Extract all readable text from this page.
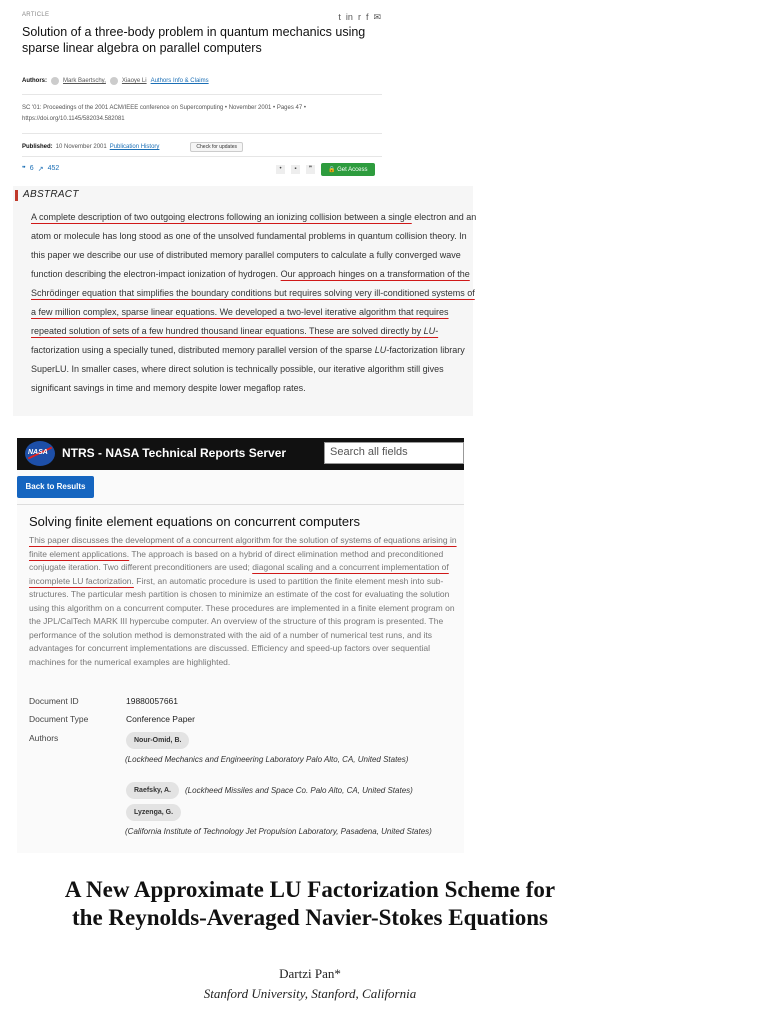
ARTICLE	t in r f ✉
Solution of a three-body problem in quantum mechanics using sparse linear algebra on parallel computers
Authors:	Mark Baertschy,	Xiaoye Li Authors Info & Claims
SC '01: Proceedings of the 2001 ACM/IEEE conference on Supercomputing • November 2001 • Pages 47 • https://doi.org/10.1145/582034.582081
Published: 10 November 2001 Publication History	Check for updates
❞ 6 ↗ 452	•	▪	❞	🔒 Get Access
ABSTRACT
A complete description of two outgoing electrons following an ionizing collision between a single electron and an atom or molecule has long stood as one of the unsolved fundamental problems in quantum collision theory. In this paper we describe our use of distributed memory parallel computers to calculate a fully converged wave function describing the electron-impact ionization of hydrogen. Our approach hinges on a transformation of the Schrödinger equation that simplifies the boundary conditions but requires solving very ill-conditioned systems of a few million complex, sparse linear equations. We developed a two-level iterative algorithm that requires repeated solution of sets of a few hundred thousand linear equations. These are solved directly by LU- factorization using a specially tuned, distributed memory parallel version of the sparse LU-factorization library SuperLU. In smaller cases, where direct solution is technically possible, our iterative algorithm still gives significant savings in time and memory despite lower megaflop rates.
NASA NTRS - NASA Technical Reports Server	Search all fields
Back to Results
Solving finite element equations on concurrent computers
This paper discusses the development of a concurrent algorithm for the solution of systems of equations arising in finite element applications. The approach is based on a hybrid of direct elimination method and preconditioned conjugate iteration. Two different preconditioners are used; diagonal scaling and a concurrent implementation of incomplete LU factorization. First, an automatic procedure is used to partition the finite element mesh into sub-structures. The particular mesh partition is chosen to minimize an estimate of the cost for evaluating the solution using this algorithm on a concurrent computer. These procedures are implemented in a finite element program on the JPL/CalTech MARK III hypercube computer. An overview of the structure of this program is presented. The performance of the solution method is demonstrated with the aid of a number of numerical test runs, and its advantages for concurrent implementations are discussed. Efficiency and speed-up factors over sequential machines for the numerical examples are highlighted.
Document ID	19880057661
Document Type	Conference Paper
Authors	Nour-Omid, B.
(Lockheed Mechanics and Engineering Laboratory Palo Alto, CA, United States)
Raefsky, A.	(Lockheed Missiles and Space Co. Palo Alto, CA, United States)
Lyzenga, G.
(California Institute of Technology Jet Propulsion Laboratory, Pasadena, United States)
A New Approximate LU Factorization Scheme for the Reynolds-Averaged Navier-Stokes Equations
Dartzi Pan*
Stanford University, Stanford, California
